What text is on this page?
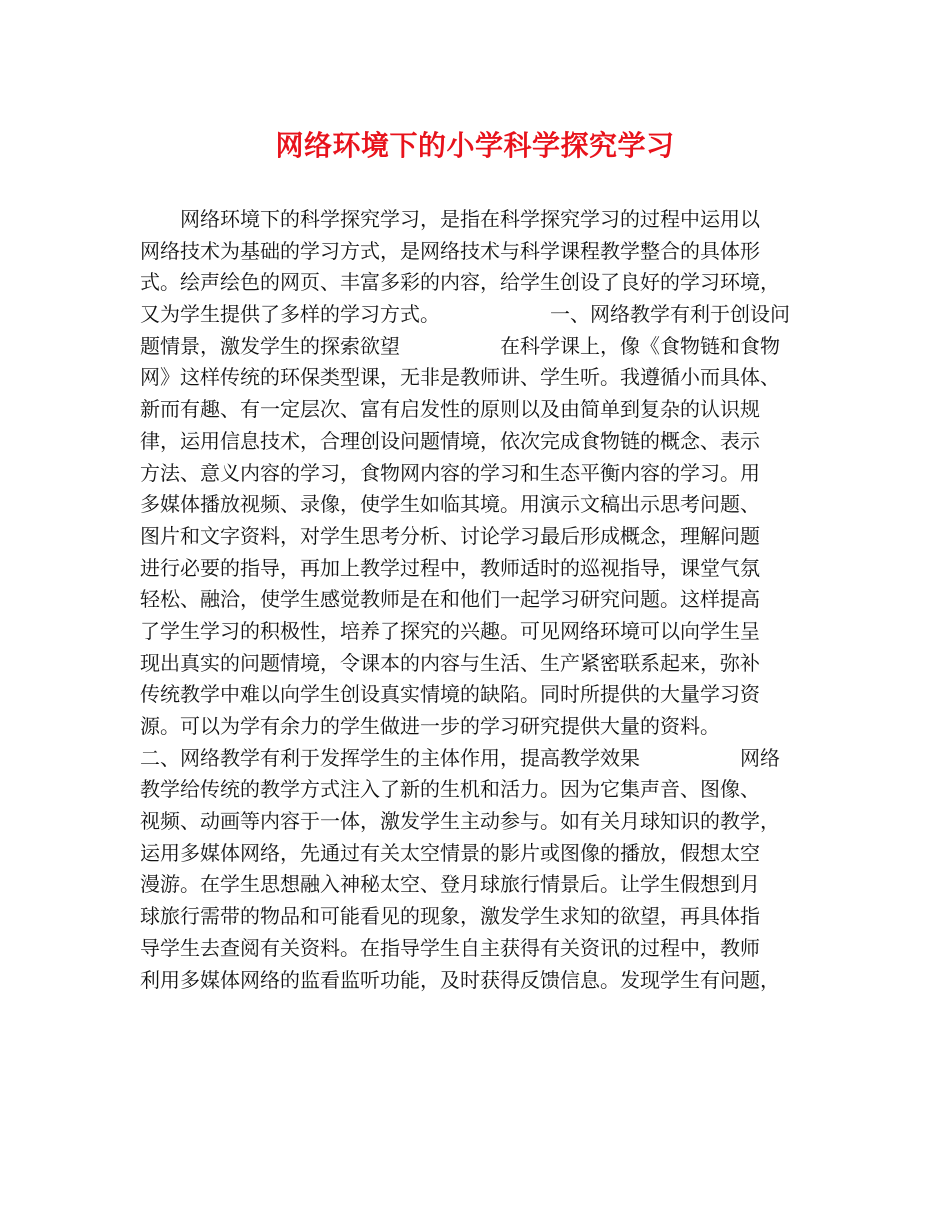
网络环境下的小学科学探究学习
　　网络环境下的科学探究学习，是指在科学探究学习的过程中运用以
网络技术为基础的学习方式，是网络技术与科学课程教学整合的具体形
式。绘声绘色的网页、丰富多彩的内容，给学生创设了良好的学习环境，
又为学生提供了多样的学习方式。　　　　　　一、网络教学有利于创设问
题情景，激发学生的探索欲望　　　　　在科学课上，像《食物链和食物
网》这样传统的环保类型课，无非是教师讲、学生听。我遵循小而具体、
新而有趣、有一定层次、富有启发性的原则以及由简单到复杂的认识规
律，运用信息技术，合理创设问题情境，依次完成食物链的概念、表示
方法、意义内容的学习，食物网内容的学习和生态平衡内容的学习。用
多媒体播放视频、录像，使学生如临其境。用演示文稿出示思考问题、
图片和文字资料，对学生思考分析、讨论学习最后形成概念，理解问题
进行必要的指导，再加上教学过程中，教师适时的巡视指导，课堂气氛
轻松、融洽，使学生感觉教师是在和他们一起学习研究问题。这样提高
了学生学习的积极性，培养了探究的兴趣。可见网络环境可以向学生呈
现出真实的问题情境，令课本的内容与生活、生产紧密联系起来，弥补
传统教学中难以向学生创设真实情境的缺陷。同时所提供的大量学习资
源。可以为学有余力的学生做进一步的学习研究提供大量的资料。
二、网络教学有利于发挥学生的主体作用，提高教学效果　　　　　网络
教学给传统的教学方式注入了新的生机和活力。因为它集声音、图像、
视频、动画等内容于一体，激发学生主动参与。如有关月球知识的教学，
运用多媒体网络，先通过有关太空情景的影片或图像的播放，假想太空
漫游。在学生思想融入神秘太空、登月球旅行情景后。让学生假想到月
球旅行需带的物品和可能看见的现象，激发学生求知的欲望，再具体指
导学生去查阅有关资料。在指导学生自主获得有关资讯的过程中，教师
利用多媒体网络的监看监听功能，及时获得反馈信息。发现学生有问题，
